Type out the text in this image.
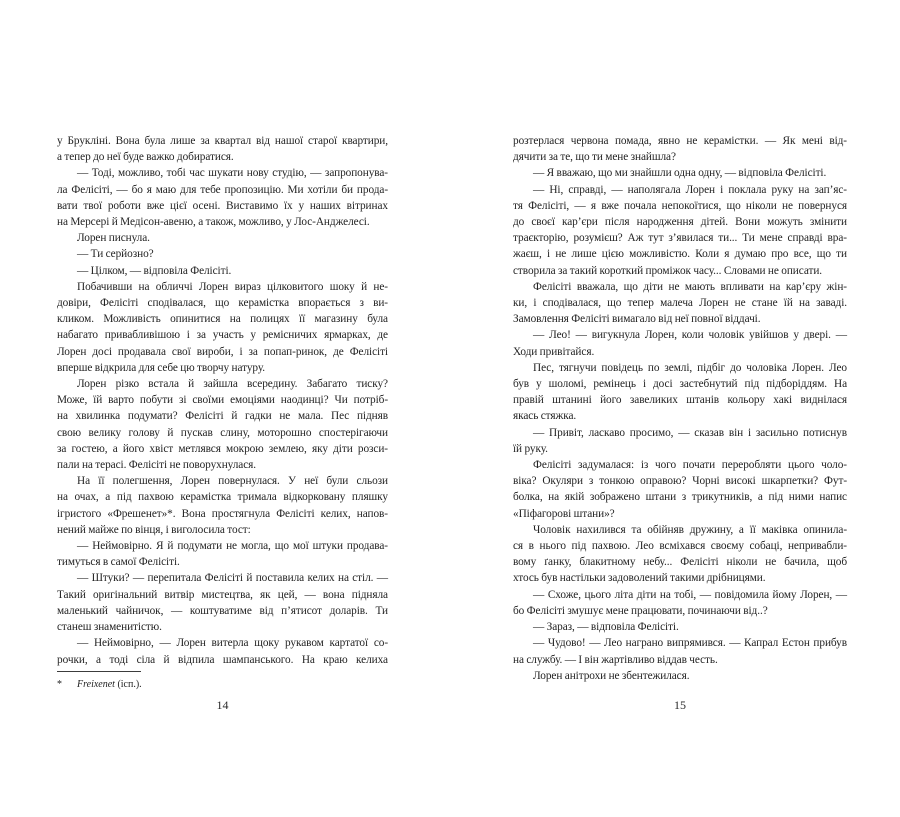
у Брукліні. Вона була лише за квартал від нашої старої квартири,
а тепер до неї буде важко добиратися.
— Тоді, можливо, тобі час шукати нову студію, — запропонува-
ла Фелісіті, — бо я маю для тебе пропозицію. Ми хотіли би прода-
вати твої роботи вже цієї осені. Виставимо їх у наших вітринах
на Мерсері й Медісон-авеню, а також, можливо, у Лос-Анджелесі.
Лорен писнула.
— Ти серйозно?
— Цілком, — відповіла Фелісіті.
Побачивши на обличчі Лорен вираз цілковитого шоку й не-
довіри, Фелісіті сподівалася, що керамістка впорається з ви-
кликом. Можливість опинитися на полицях її магазину була
набагато привабливішою і за участь у ремісничих ярмарках, де
Лорен досі продавала свої вироби, і за попап-ринок, де Фелісіті
вперше відкрила для себе цю творчу натуру.
Лорен різко встала й зайшла всередину. Забагато тиску?
Може, їй варто побути зі своїми емоціями наодинці? Чи потріб-
на хвилинка подумати? Фелісіті й гадки не мала. Пес підняв
свою велику голову й пускав слину, моторошно спостерігаючи
за гостею, а його хвіст метлявся мокрою землею, яку діти розси-
пали на терасі. Фелісіті не поворухнулася.
На її полегшення, Лорен повернулася. У неї були сльози
на очах, а під пахвою керамістка тримала відкорковану пляшку
ігристого «Фрешенет»*. Вона простягнула Фелісіті келих, напов-
нений майже по вінця, і виголосила тост:
— Неймовірно. Я й подумати не могла, що мої штуки продава-
тимуться в самої Фелісіті.
— Штуки? — перепитала Фелісіті й поставила келих на стіл. —
Такий оригінальний витвір мистецтва, як цей, — вона підняла
маленький чайничок, — коштуватиме від п’ятисот доларів. Ти
станеш знаменитістю.
— Неймовірно, — Лорен витерла щоку рукавом картатої со-
рочки, а тоді сіла й відпила шампанського. На краю келиха
* Freixenet (ісп.).
розтерлася червона помада, явно не керамістки. — Як мені від-
дячити за те, що ти мене знайшла?
— Я вважаю, що ми знайшли одна одну, — відповіла Фелісіті.
— Ні, справді, — наполягала Лорен і поклала руку на зап’яс-
тя Фелісіті, — я вже почала непокоїтися, що ніколи не повернуся
до своєї кар’єри після народження дітей. Вони можуть змінити
траєкторію, розумієш? Аж тут з’явилася ти... Ти мене справді вра-
жаєш, і не лише цією можливістю. Коли я думаю про все, що ти
створила за такий короткий проміжок часу... Словами не описати.
Фелісіті вважала, що діти не мають впливати на кар’єру жін-
ки, і сподівалася, що тепер малеча Лорен не стане їй на заваді.
Замовлення Фелісіті вимагало від неї повної віддачі.
— Лео! — вигукнула Лорен, коли чоловік увійшов у двері. —
Ходи привітайся.
Пес, тягнучи повідець по землі, підбіг до чоловіка Лорен. Лео
був у шоломі, ремінець і досі застебнутий під підборіддям. На
правій штанині його завеликих штанів кольору хакі виднілася
якась стяжка.
— Привіт, ласкаво просимо, — сказав він і засильно потиснув
їй руку.
Фелісіті задумалася: із чого почати переробляти цього чоло-
віка? Окуляри з тонкою оправою? Чорні високі шкарпетки? Фут-
болка, на якій зображено штани з трикутників, а під ними напис
«Піфагорові штани»?
Чоловік нахилився та обійняв дружину, а її маківка опинила-
ся в нього під пахвою. Лео всміхався своєму собаці, непривабли-
вому ґанку, блакитному небу... Фелісіті ніколи не бачила, щоб
хтось був настільки задоволений такими дрібницями.
— Схоже, цього літа діти на тобі, — повідомила йому Лорен, —
бо Фелісіті змушує мене працювати, починаючи від..?
— Зараз, — відповіла Фелісіті.
— Чудово! — Лео награно випрямився. — Капрал Естон прибув
на службу. — І він жартівливо віддав честь.
Лорен анітрохи не збентежилася.
14	15
